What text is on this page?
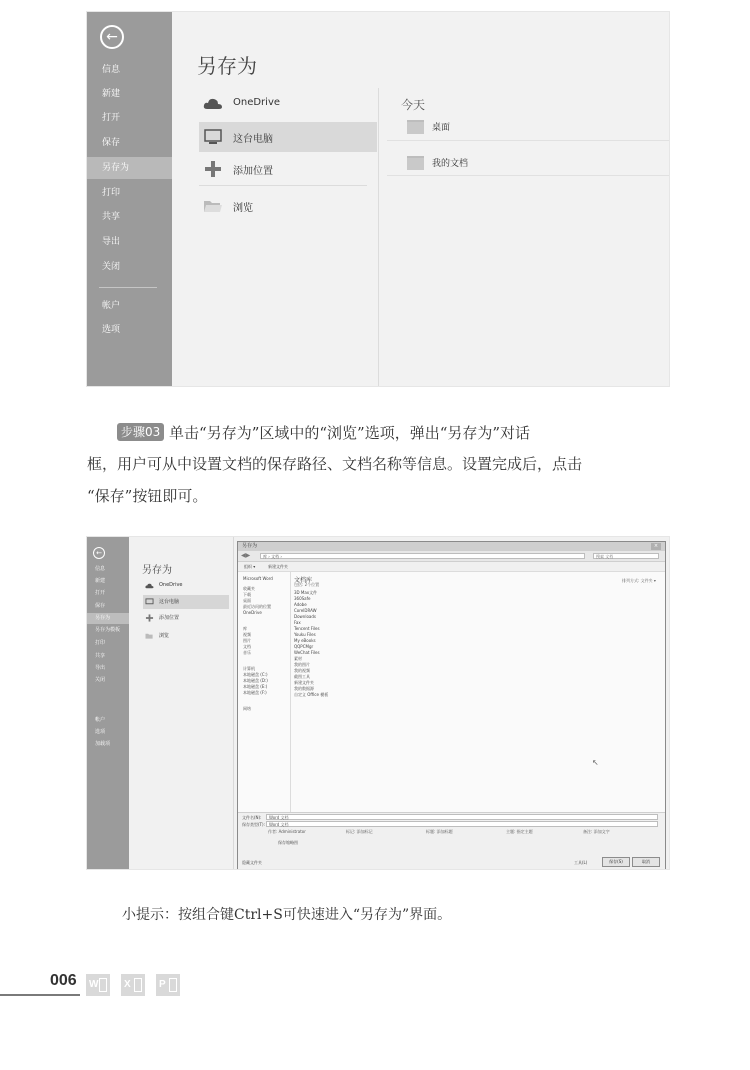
←
信息
新建
打开
保存
另存为
打印
共享
导出
关闭
帐户
选项
另存为
OneDrive
这台电脑
添加位置
浏览
今天
桌面
我的文档
步骤03 单击“另存为”区域中的“浏览”选项，弹出“另存为”对话
框，用户可从中设置文档的保存路径、文档名称等信息。设置完成后，点击
“保存”按钮即可。
←
信息
新建
打开
保存
另存为
另存为模板
打印
共享
导出
关闭
帐户
选项
加载项
另存为
OneDrive
这台电脑
添加位置
浏览
另存为	×
◀▶	库 › 文档 ›	搜索 文档
组织 ▾	新建文件夹
Microsoft Word
收藏夹
下载
桌面
最近访问的位置
OneDrive
库
视频
图片
文档
音乐
计算机
本地磁盘 (C:)
本地磁盘 (D:)
本地磁盘 (E:)
本地磁盘 (F:)
网络
文档库
包括: 2个位置
排列方式: 文件夹 ▾
3D Max文件
360Safe
Adobe
CorelDRAW
Downloads
Fax
Tencent Files
Youku Files
My eBooks
QQPCMgr
WeChat Files
素材
我的图片
我的视频
截图工具
新建文件夹
我的数据源
自定义 Office 模板
↖
文件名(N):	Word 文档
保存类型(T):	Word 文档
作者: Administrator	标记: 添加标记	标题: 添加标题	主题: 指定主题	备注: 添加文字
保存缩略图
隐藏文件夹	工具(L)	保存(S)	取消
小提示：按组合键Ctrl+S可快速进入“另存为”界面。
006 W	X	P
